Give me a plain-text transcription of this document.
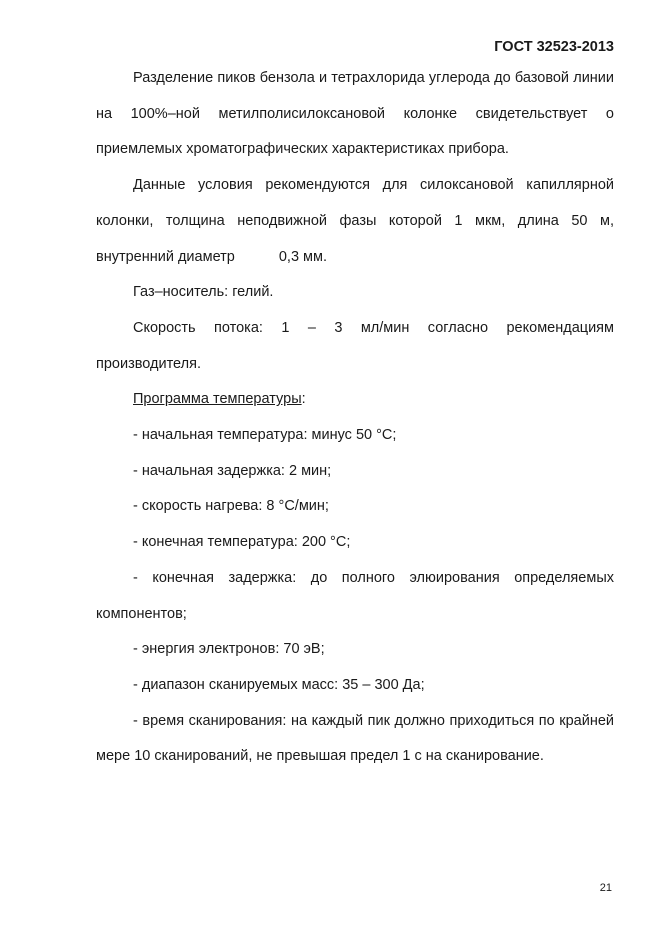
ГОСТ 32523-2013

Разделение пиков бензола и тетрахлорида углерода до базовой линии на 100%–ной метилполисилоксановой колонке свидетельствует о приемлемых хроматографических характеристиках прибора.

Данные условия рекомендуются для силоксановой капиллярной колонки, толщина неподвижной фазы которой 1 мкм, длина 50 м, внутренний диаметр	0,3 мм.

Газ–носитель: гелий.

Скорость потока: 1 – 3 мл/мин согласно рекомендациям производителя.

Программа температуры:

- начальная температура: минус 50 °С;

- начальная задержка: 2 мин;

- скорость нагрева: 8 °С/мин;

- конечная температура: 200 °С;

- конечная задержка: до полного элюирования определяемых компонентов;

- энергия электронов: 70 эВ;

- диапазон сканируемых масс: 35 – 300 Да;

- время сканирования: на каждый пик должно приходиться по крайней мере 10 сканирований, не превышая предел 1 с на сканирование.

21
